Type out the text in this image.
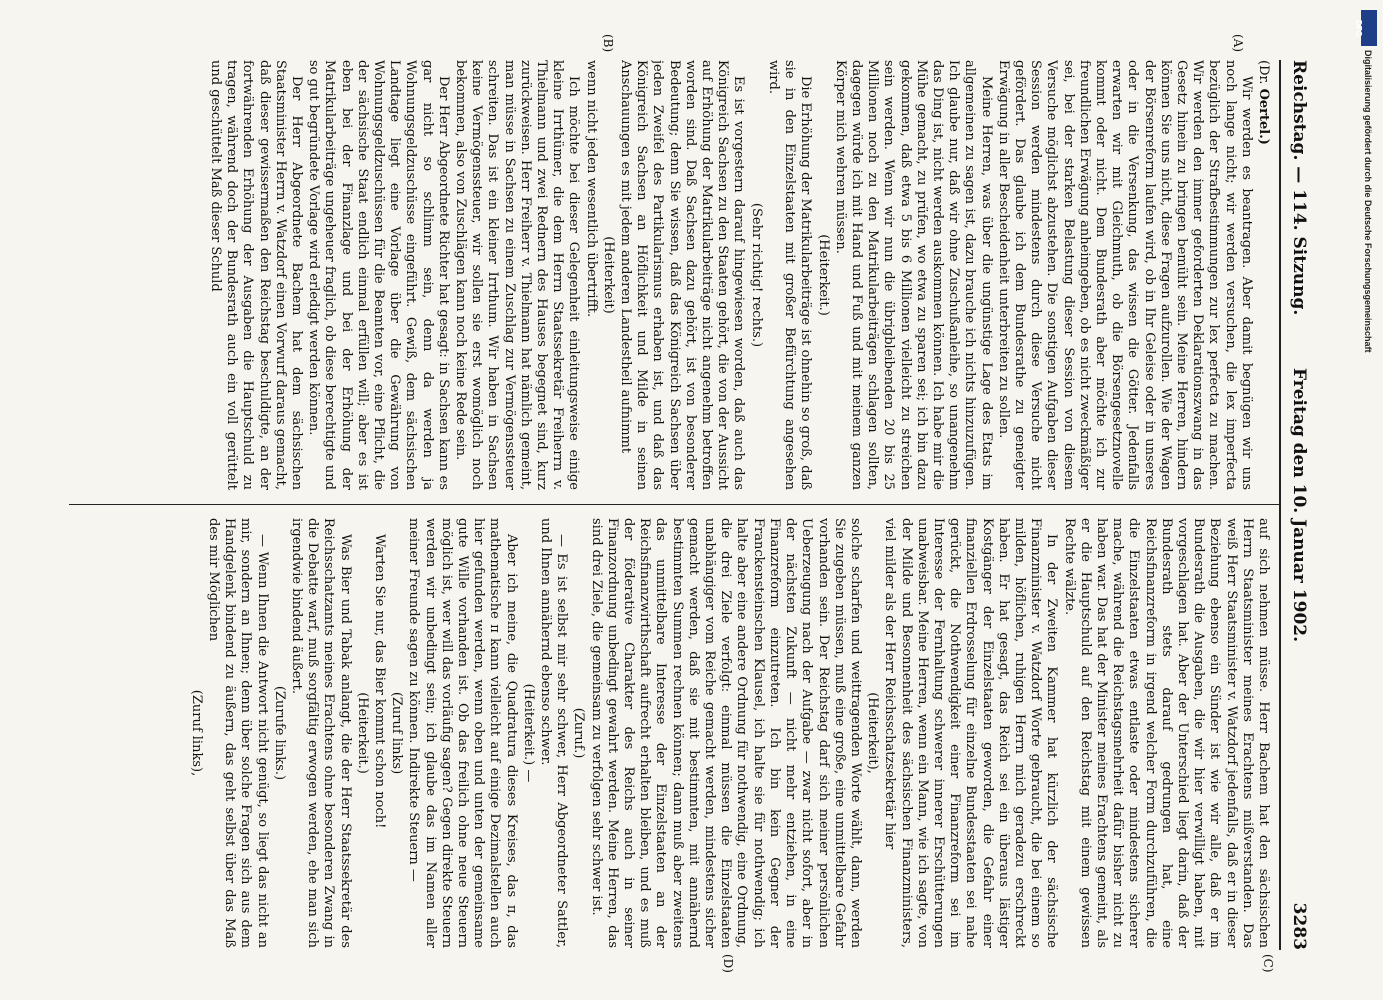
Reichstag. — 114. Sitzung.
Freitag den 10. Januar 1902.
3283
(A)
(B)
(C)
(D)

(Dr. Oertel.)

Wir werden es beantragen. Aber damit begnügen wir uns noch lange nicht; wir werden versuchen, die lex imperfecta bezüglich der Strafbestimmungen zur lex perfecta zu machen. Wir werden den immer geforderten Deklarationszwang in das Gesetz hinein zu bringen bemüht sein. Meine Herren, hindern können Sie uns nicht, diese Fragen aufzurollen. Wie der Wagen der Börsenreform laufen wird, ob in Ihr Geleise oder in unseres oder in die Versenkung, das wissen die Götter. Jedenfalls erwarten wir mit Gleichmuth, ob die Börsengesetznovelle kommt oder nicht. Dem Bundesrath aber möchte ich zur freundlichen Erwägung anheimgeben, ob es nicht zweckmäßiger sei, bei der starken Belastung dieser Session von diesem Versuche möglichst abzustehen. Die sonstigen Aufgaben dieser Session werden mindestens durch diese Versuche nicht gefördert. Das glaube ich dem Bundesrathe zu geneigter Erwägung in aller Bescheidenheit unterbreiten zu sollen.

Meine Herren, was über die ungünstige Lage des Etats im allgemeinen zu sagen ist, dazu brauche ich nichts hinzuzufügen. Ich glaube nur, daß wir ohne Zuschußanleihe, so unangenehm das Ding ist, nicht werden auskommen können. Ich habe mir die Mühe gemacht, zu prüfen, wo etwa zu sparen sei; ich bin dazu gekommen, daß etwa 5 bis 6 Millionen vielleicht zu streichen sein werden. Wenn wir nun die übrigbleibenden 20 bis 25 Millionen noch zu den Matrikularbeiträgen schlagen sollten, dagegen würde ich mit Hand und Fuß und mit meinem ganzen Körper mich wehren müssen.

(Heiterkeit.)

Die Erhöhung der Matrikularbeiträge ist ohnehin so groß, daß sie in den Einzelstaaten mit großer Befürchtung angesehen wird.

(Sehr richtig! rechts.)

Es ist vorgestern darauf hingewiesen worden, daß auch das Königreich Sachsen zu den Staaten gehört, die von der Aussicht auf Erhöhung der Matrikularbeiträge nicht angenehm betroffen worden sind. Daß Sachsen dazu gehört, ist von besonderer Bedeutung; denn Sie wissen, daß das Königreich Sachsen über jeden Zweifel des Partikularismus erhaben ist, und daß das Königreich Sachsen an Höflichkeit und Milde in seinen Anschauungen es mit jedem anderen Landestheil aufnimmt

(Heiterkeit)

wenn nicht jeden wesentlich übertrifft.

Ich möchte bei dieser Gelegenheit einleitungsweise einige kleine Irrthümer, die dem Herrn Staatssekretär Freiherrn v. Thielmann und zwei Rednern des Hauses begegnet sind, kurz zurückweisen. Herr Freiherr v. Thielmann hat nämlich gemeint, man müsse in Sachsen zu einem Zuschlag zur Vermögenssteuer schreiten. Das ist ein kleiner Irrthum. Wir haben in Sachsen keine Vermögenssteuer, wir sollen sie erst womöglich noch bekommen, also von Zuschlägen kann noch keine Rede sein.

Der Herr Abgeordnete Richter hat gesagt: in Sachsen kann es gar nicht so schlimm sein, denn da werden ja Wohnungsgeldzuschüsse eingeführt. Gewiß, dem sächsischen Landtage liegt eine Vorlage über die Gewährung von Wohnungsgeldzuschüssen für die Beamten vor, eine Pflicht, die der sächsische Staat endlich einmal erfüllen will; aber es ist eben bei der Finanzlage und bei der Erhöhung der Matrikularbeiträge ungeheuer fraglich, ob diese berechtigte und so gut begründete Vorlage wird erledigt werden können.

Der Herr Abgeordnete Bachem hat dem sächsischen Staatsminister Herrn v. Watzdorf einen Vorwurf daraus gemacht, daß dieser gewissermaßen den Reichstag beschuldigte, an der fortwährenden Erhöhung der Ausgaben die Hauptschuld zu tragen, während doch der Bundesrath auch ein voll gerüttelt und geschüttelt Maß dieser Schuld

auf sich nehmen müsse. Herr Bachem hat den sächsischen Herrn Staatsminister meines Erachtens mißverstanden. Das weiß Herr Staatsminister v. Watzdorf jedenfalls, daß er in dieser Beziehung ebenso ein Sünder ist wie wir alle, daß er im Bundesrath die Ausgaben, die wir hier verwilligt haben, mit vorgeschlagen hat. Aber der Unterschied liegt darin, daß der Bundesrath stets darauf gedrungen hat, eine Reichsfinanzreform in irgend welcher Form durchzuführen, die die Einzelstaaten etwas entlaste oder mindestens sicherer mache, während die Reichstagsmehrheit dafür bisher nicht zu haben war. Das hat der Minister meines Erachtens gemeint, als er die Hauptschuld auf den Reichstag mit einem gewissen Rechte wälzte.

In der Zweiten Kammer hat kürzlich der sächsische Finanzminister v. Watzdorf Worte gebraucht, die bei einem so milden, höflichen, ruhigen Herrn mich geradezu erschreckt haben. Er hat gesagt, das Reich sei ein überaus lästiger Kostgänger der Einzelstaaten geworden, die Gefahr einer finanziellen Erdrosselung für einzelne Bundesstaaten sei nahe gerückt, die Nothwendigkeit einer Finanzreform sei im Interesse der Fernhaltung schwerer innerer Erschütterungen unabweisbar. Meine Herren, wenn ein Mann, wie ich sagte, von der Milde und Besonnenheit des sächsischen Finanzministers, viel milder als der Herr Reichsschatzsekretär hier

(Heiterkeit),

solche scharfen und weittragenden Worte wählt, dann, werden Sie zugeben müssen, muß eine große, eine unmittelbare Gefahr vorhanden sein. Der Reichstag darf sich meiner persönlichen Ueberzeugung nach der Aufgabe — zwar nicht sofort, aber in der nächsten Zukunft — nicht mehr entziehen, in eine Finanzreform einzutreten. Ich bin kein Gegner der Franckensteinschen Klausel, ich halte sie für nothwendig; ich halte aber eine andere Ordnung für nothwendig, eine Ordnung, die drei Ziele verfolgt: einmal müssen die Einzelstaaten unabhängiger vom Reiche gemacht werden, mindestens sicher gemacht werden, daß sie mit bestimmten, mit annähernd bestimmten Summen rechnen können; dann muß aber zweitens das unmittelbare Interesse der Einzelstaaten an der Reichsfinanzwirthschaft aufrecht erhalten bleiben, und es muß der föderative Charakter des Reichs auch in seiner Finanzordnung unbedingt gewahrt werden. Meine Herren, das sind drei Ziele, die gemeinsam zu verfolgen sehr schwer ist.

(Zuruf.)

— Es ist selbst mir sehr schwer, Herr Abgeordneter Sattler, und Ihnen annähernd ebenso schwer.

(Heiterkeit.) —

Aber ich meine, die Quadratura dieses Kreises, das π, das mathematische π kann vielleicht auf einige Dezimalstellen auch hier gefunden werden, wenn oben und unten der gemeinsame gute Wille vorhanden ist. Ob das freilich ohne neue Steuern möglich ist, wer will das vorläufig sagen? Gegen direkte Steuern werden wir unbedingt sein; ich glaube das im Namen aller meiner Freunde sagen zu können. Indirekte Steuern —

(Zuruf links)

Warten Sie nur, das Bier kommt schon noch!

(Heiterkeit.)

Was Bier und Tabak anlangt, die der Herr Staatssekretär des Reichsschatzamts meines Erachtens ohne besonderen Zwang in die Debatte warf, muß sorgfältig erwogen werden, ehe man sich irgendwie bindend äußert.

(Zurufe links.)

— Wenn Ihnen die Antwort nicht genügt, so liegt das nicht an mir, sondern an Ihnen; denn über solche Fragen sich aus dem Handgelenk bindend zu äußern, das geht selbst über das Maß des mir Möglichen

(Zuruf links),

DFG
Digitalisierung gefördert durch die Deutsche Forschungsgemeinschaft
